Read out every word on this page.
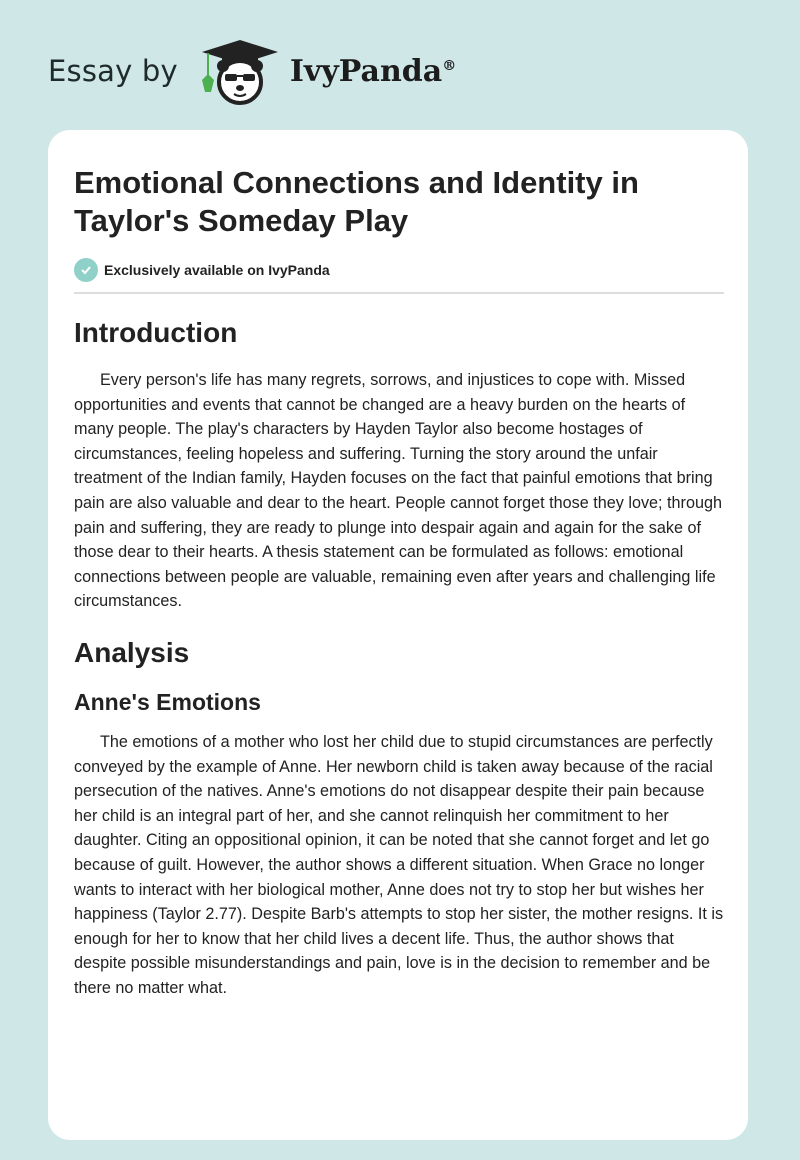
Essay by	IvyPanda®
Emotional Connections and Identity in Taylor's Someday Play
Exclusively available on IvyPanda
Introduction

Every person's life has many regrets, sorrows, and injustices to cope with. Missed opportunities and events that cannot be changed are a heavy burden on the hearts of many people. The play's characters by Hayden Taylor also become hostages of circumstances, feeling hopeless and suffering. Turning the story around the unfair treatment of the Indian family, Hayden focuses on the fact that painful emotions that bring pain are also valuable and dear to the heart. People cannot forget those they love; through pain and suffering, they are ready to plunge into despair again and again for the sake of those dear to their hearts. A thesis statement can be formulated as follows: emotional connections between people are valuable, remaining even after years and challenging life circumstances.

Analysis
Anne's Emotions

The emotions of a mother who lost her child due to stupid circumstances are perfectly conveyed by the example of Anne. Her newborn child is taken away because of the racial persecution of the natives. Anne's emotions do not disappear despite their pain because her child is an integral part of her, and she cannot relinquish her commitment to her daughter. Citing an oppositional opinion, it can be noted that she cannot forget and let go because of guilt. However, the author shows a different situation. When Grace no longer wants to interact with her biological mother, Anne does not try to stop her but wishes her happiness (Taylor 2.77). Despite Barb's attempts to stop her sister, the mother resigns. It is enough for her to know that her child lives a decent life. Thus, the author shows that despite possible misunderstandings and pain, love is in the decision to remember and be there no matter what.
